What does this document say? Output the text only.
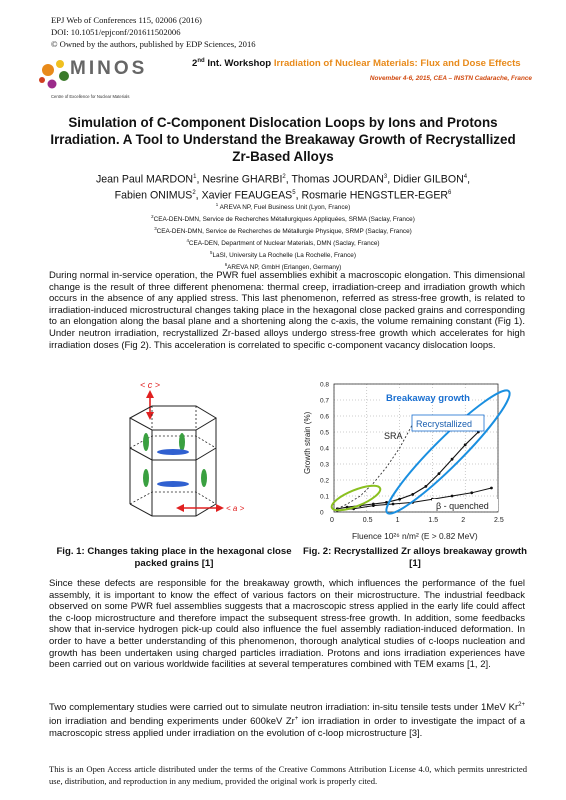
EPJ Web of Conferences 115, 02006 (2016)
DOI: 10.1051/epjconf/201611502006
© Owned by the authors, published by EDP Sciences, 2016
MINOS
Centre of Excellence for Nuclear Materials
2nd Int. Workshop Irradiation of Nuclear Materials: Flux and Dose Effects
November 4-6, 2015, CEA – INSTN Cadarache, France
Simulation of C-Component Dislocation Loops by Ions and Protons
Irradiation. A Tool to Understand the Breakaway Growth of Recrystallized
Zr-Based Alloys
Jean Paul MARDON$^1$, Nesrine GHARBI$^2$, Thomas JOURDAN$^3$, Didier GILBON$^4$,
Fabien ONIMUS$^2$, Xavier FEAUGEAS$^5$, Rosmarie HENGSTLER-EGER$^6$
$^1$ AREVA NP, Fuel Business Unit (Lyon, France)
$^2$CEA-DEN-DMN, Service de Recherches Métallurgiques Appliquées, SRMA (Saclay, France)
$^3$CEA-DEN-DMN, Service de Recherches de Métallurgie Physique, SRMP (Saclay, France)
$^4$CEA-DEN, Department of Nuclear Materials, DMN (Saclay, France)
$^5$LaSI, University La Rochelle (La Rochelle, France)
$^6$AREVA NP, GmbH (Erlangen, Germany)
During normal in-service operation, the PWR fuel assemblies exhibit a macroscopic elongation. This dimensional change is the result of three different phenomena: thermal creep, irradiation-creep and irradiation growth which occurs in the absence of any applied stress. This last phenomenon, referred as stress-free growth, is related to irradiation-induced microstructural changes taking place in the hexagonal close packed grains and corresponding to an elongation along the basal plane and a shortening along the c-axis, the volume remaining constant (Fig 1). Under neutron irradiation, recrystallized Zr-based alloys undergo stress-free growth which accelerates for high irradiation doses (Fig 2). This acceleration is correlated to specific c-component vacancy dislocation loops.
< c >
< a >
0	0.5	1	1.5	2	2.5
0
0.1
0.2
0.3
0.4
0.5
0.6
0.7
0.8
Breakaway growth
Recrystallized
SRA
β - quenched
Growth strain (%)
Fluence 10²⁶ n/m² (E > 0.82 MeV)
Fig. 1: Changes taking place in the hexagonal close packed grains [1]
Fig. 2: Recrystallized Zr alloys breakaway growth [1]
Since these defects are responsible for the breakaway growth, which influences the performance of the fuel assembly, it is important to know the effect of various factors on their microstructure. The industrial feedback observed on some PWR fuel assemblies suggests that a macroscopic stress applied in the early life could affect the c-loop microstructure and therefore impact the subsequent stress-free growth. In addition, some feedbacks show that in-service hydrogen pick-up could also influence the fuel assembly radiation-induced deformation. In order to have a better understanding of this phenomenon, thorough analytical studies of c-loops nucleation and growth has been undertaken using charged particles irradiation. Protons and ions irradiation experiences have been carried out on various worldwide facilities at several temperatures combined with TEM exams [1, 2].
Two complementary studies were carried out to simulate neutron irradiation: in-situ tensile tests under 1MeV $Kr^{2+}$ ion irradiation and bending experiments under 600keV Zr+ ion irradiation in order to investigate the impact of a macroscopic stress applied under irradiation on the evolution of c-loop microstructure [3].
This is an Open Access article distributed under the terms of the Creative Commons Attribution License 4.0, which permits unrestricted use, distribution, and reproduction in any medium, provided the original work is properly cited.
